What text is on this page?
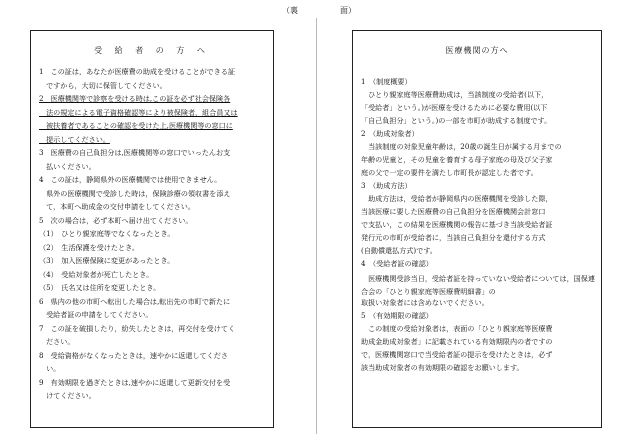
（裏	面）
受 給 者 の 方 へ
1　この証は，あなたが医療費の助成を受けることができる証
　ですから，大切に保管してください。
2　医療機関等で診察を受ける時は,この証を必ず社会保険各
　法の規定による電子資格確認等により被保険者，組合員又は
　被扶養者であることの確認を受けた上,医療機関等の窓口に
　提示してください。
3　医療費の自己負担分は,医療機関等の窓口でいったんお支
　払いください。
4　この証は，静岡県外の医療機関では使用できません。
　県外の医療機関で受診した時は，保険診療の領収書を添え
　て，本町へ助成金の交付申請をしてください。
5　次の場合は，必ず本町へ届け出てください。
（1）　ひとり親家庭等でなくなったとき。
（2）　生活保護を受けたとき。
（3）　加入医療保険に変更があったとき。
（4）　受給対象者が死亡したとき。
（5）　氏名又は住所を変更したとき。
6　県内の他の市町へ転出した場合は,転出先の市町で新たに
　受給者証の申請をしてください。
7　この証を破損したり，紛失したときは，再交付を受けてく
　ださい。
8　受給資格がなくなったときは，速やかに返還してくださ
　い。
9　有効期限を過ぎたときは,速やかに返還して更新交付を受
　けてください。
医療機関の方へ
1　（制度概要）
　ひとり親家庭等医療費助成は，当該制度の受給者(以下，
「受給者」という。)が医療を受けるために必要な費用(以下
「自己負担分」という。)の一部を市町が助成する制度です。
2　（助成対象者）
　当該制度の対象児童年齢は，20歳の誕生日が属する月までの
年齢の児童と，その児童を養育する母子家庭の母及び父子家
庭の父で一定の要件を満たし市町長が認定した者です。
3　（助成方法）
　助成方法は，受給者が静岡県内の医療機関を受診した際，
当該医療に要した医療費の自己負担分を医療機関会計窓口
で支払い，この結果を医療機関の報告に基づき当該受給者証
発行元の市町が受給者に，当該自己負担分を還付する方式
(自動償還払方式)です。
4　（受給者証の確認）
　医療機関受診当日，受給者証を持っていない受給者については，国保連合会の「ひとり親家庭等医療費明細書」の
取扱い対象者には含めないでください。
5　（有効期限の確認）
　この制度の受給対象者は，表面の「ひとり親家庭等医療費
助成金助成対象者」に記載されている有効期限内の者ですの
で，医療機関窓口で当受給者証の提示を受けたときは，必ず
該当助成対象者の有効期限の確認をお願いします。
